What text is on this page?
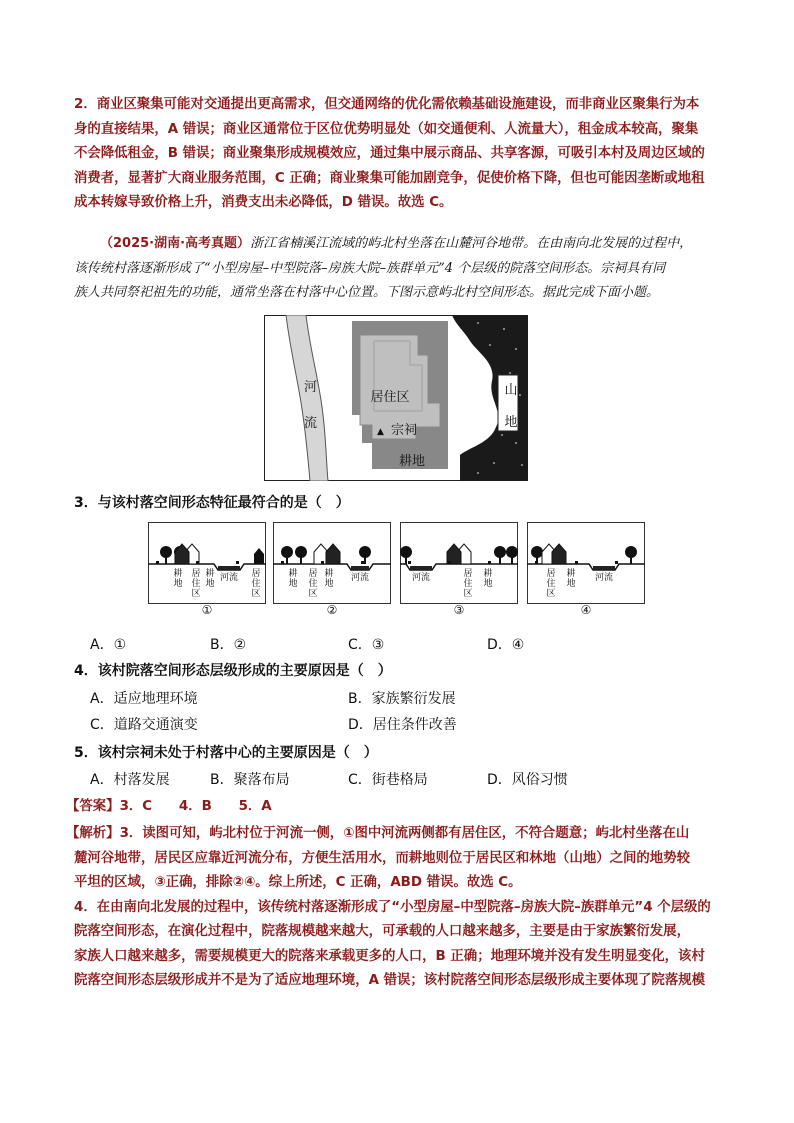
2．商业区聚集可能对交通提出更高需求，但交通网络的优化需依赖基础设施建设，而非商业区聚集行为本
身的直接结果，A 错误；商业区通常位于区位优势明显处（如交通便利、人流量大），租金成本较高，聚集
不会降低租金，B 错误；商业聚集形成规模效应，通过集中展示商品、共享客源，可吸引本村及周边区域的
消费者，显著扩大商业服务范围，C 正确；商业聚集可能加剧竞争，促使价格下降，但也可能因垄断或地租
成本转嫁导致价格上升，消费支出未必降低，D 错误。故选 C。
（2025·湖南·高考真题）浙江省楠溪江流域的屿北村坐落在山麓河谷地带。在由南向北发展的过程中，
该传统村落逐渐形成了“小型房屋–中型院落–房族大院–族群单元”4 个层级的院落空间形态。宗祠具有同
族人共同祭祀祖先的功能，通常坐落在村落中心位置。下图示意屿北村空间形态。据此完成下面小题。
居住区
▲ 宗祠
耕地
河
流
山
地
3．与该村落空间形态特征最符合的是（　）
耕
地
居
住
区
耕
地
河流 居
住
区
①
耕
地
居
住
区
耕
地
河流
②
河流	居
住
区
耕
地
③
居
住
区
耕
地
河流
④
A．①	B．②	C．③	D．④
4．该村院落空间形态层级形成的主要原因是（　）
A．适应地理环境	B．家族繁衍发展
C．道路交通演变	D．居住条件改善
5．该村宗祠未处于村落中心的主要原因是（　）
A．村落发展	B．聚落布局	C．街巷格局	D．风俗习惯
【答案】3．C　　4．B　　5．A
【解析】3．读图可知，屿北村位于河流一侧，①图中河流两侧都有居住区，不符合题意；屿北村坐落在山
麓河谷地带，居民区应靠近河流分布，方便生活用水，而耕地则位于居民区和林地（山地）之间的地势较
平坦的区域，③正确，排除②④。综上所述，C 正确，ABD 错误。故选 C。
4．在由南向北发展的过程中，该传统村落逐渐形成了“小型房屋–中型院落–房族大院–族群单元”4 个层级的
院落空间形态，在演化过程中，院落规模越来越大，可承载的人口越来越多，主要是由于家族繁衍发展，
家族人口越来越多，需要规模更大的院落来承载更多的人口，B 正确；地理环境并没有发生明显变化，该村
院落空间形态层级形成并不是为了适应地理环境，A 错误；该村院落空间形态层级形成主要体现了院落规模
